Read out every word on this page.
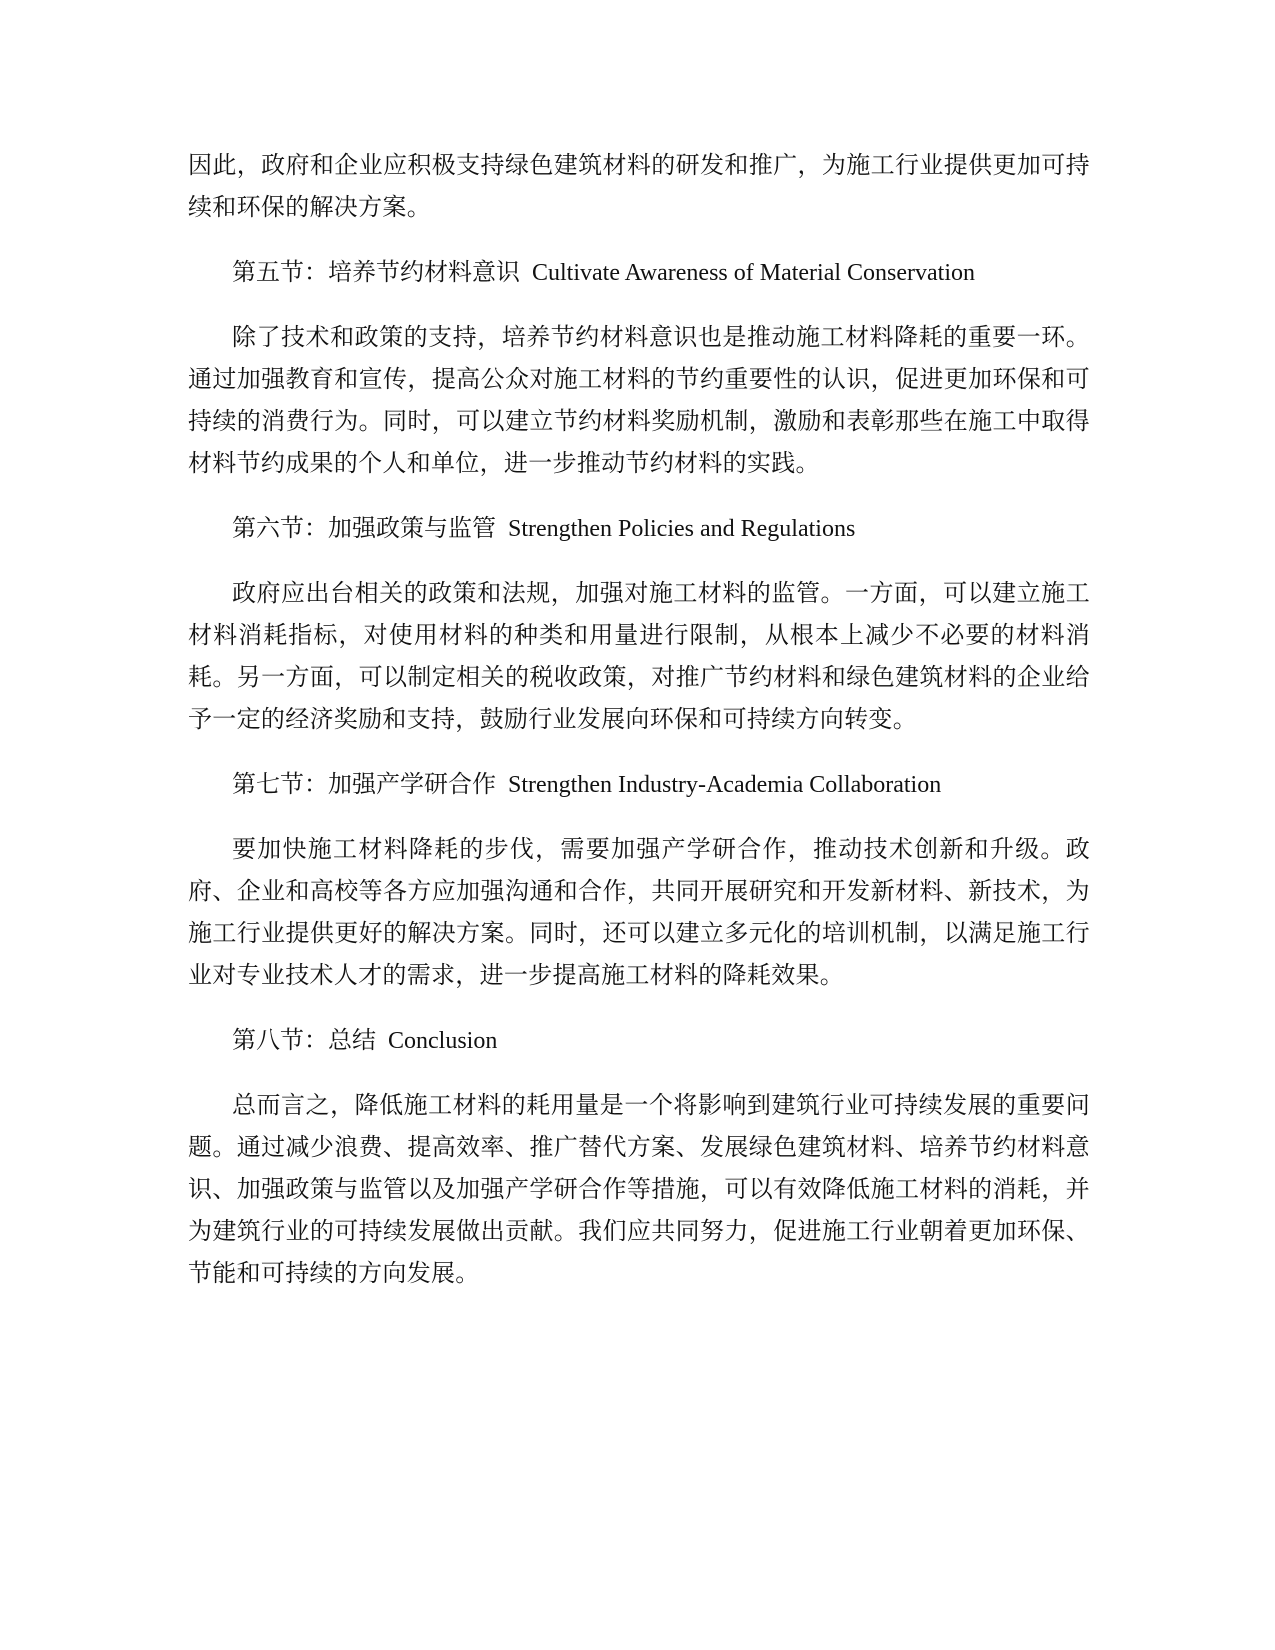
因此，政府和企业应积极支持绿色建筑材料的研发和推广，为施工行业提供更加可持续和环保的解决方案。

第五节：培养节约材料意识 Cultivate Awareness of Material Conservation

除了技术和政策的支持，培养节约材料意识也是推动施工材料降耗的重要一环。通过加强教育和宣传，提高公众对施工材料的节约重要性的认识，促进更加环保和可持续的消费行为。同时，可以建立节约材料奖励机制，激励和表彰那些在施工中取得材料节约成果的个人和单位，进一步推动节约材料的实践。

第六节：加强政策与监管 Strengthen Policies and Regulations

政府应出台相关的政策和法规，加强对施工材料的监管。一方面，可以建立施工材料消耗指标，对使用材料的种类和用量进行限制，从根本上减少不必要的材料消耗。另一方面，可以制定相关的税收政策，对推广节约材料和绿色建筑材料的企业给予一定的经济奖励和支持，鼓励行业发展向环保和可持续方向转变。

第七节：加强产学研合作 Strengthen Industry-Academia Collaboration

要加快施工材料降耗的步伐，需要加强产学研合作，推动技术创新和升级。政府、企业和高校等各方应加强沟通和合作，共同开展研究和开发新材料、新技术，为施工行业提供更好的解决方案。同时，还可以建立多元化的培训机制，以满足施工行业对专业技术人才的需求，进一步提高施工材料的降耗效果。

第八节：总结 Conclusion

总而言之，降低施工材料的耗用量是一个将影响到建筑行业可持续发展的重要问题。通过减少浪费、提高效率、推广替代方案、发展绿色建筑材料、培养节约材料意识、加强政策与监管以及加强产学研合作等措施，可以有效降低施工材料的消耗，并为建筑行业的可持续发展做出贡献。我们应共同努力，促进施工行业朝着更加环保、节能和可持续的方向发展。
